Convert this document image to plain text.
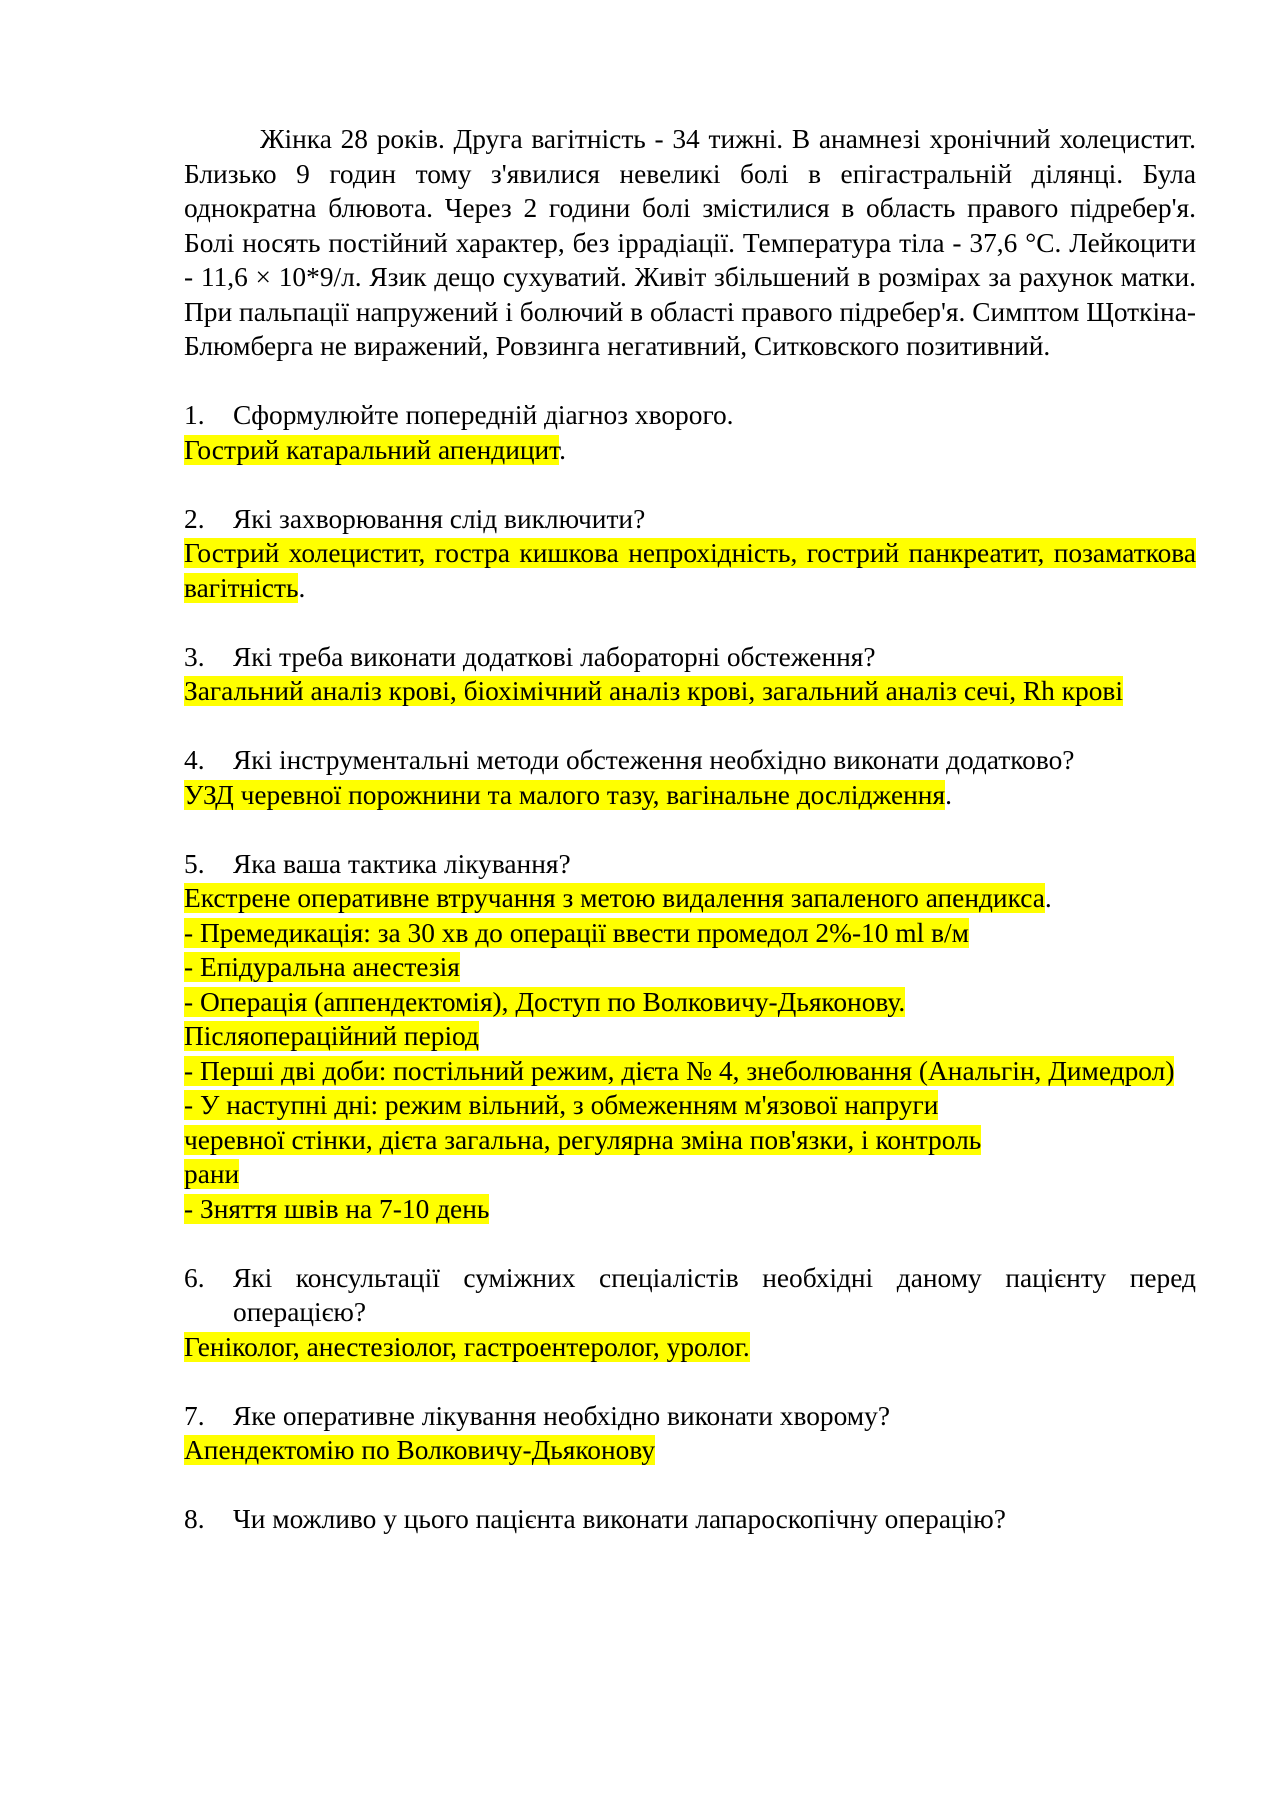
Жінка 28 років. Друга вагітність - 34 тижні. В анамнезі хронічний холецистит. Близько 9 годин тому з'явилися невеликі болі в епігастральній ділянці. Була однократна блювота. Через 2 години болі змістилися в область правого підребер'я. Болі носять постійний характер, без іррадіації. Температура тіла - 37,6 °C. Лейкоцити - 11,6 × 10*9/л. Язик дещо сухуватий. Живіт збільшений в розмірах за рахунок матки. При пальпації напружений і болючий в області правого підребер'я. Симптом Щоткіна-Блюмберга не виражений, Ровзинга негативний, Ситковского позитивний.

1.	Сформулюйте попередній діагноз хворого.

Гострий катаральний апендицит.

2.	Які захворювання слід виключити?

Гострий холецистит, гостра кишкова непрохідність, гострий панкреатит, позаматкова вагітність.

3.	Які треба виконати додаткові лабораторні обстеження?

Загальний аналіз крові, біохімічний аналіз крові, загальний аналіз сечі, Rh крові

4.	Які інструментальні методи обстеження необхідно виконати додатково?

УЗД черевної порожнини та малого тазу, вагінальне дослідження.

5.	Яка ваша тактика лікування?

Екстрене оперативне втручання з метою видалення запаленого апендикса.

- Премедикація: за 30 хв до операції ввести промедол 2%-10 ml в/м

- Епідуральна анестезія

- Операція (аппендектомія), Доступ по Волковичу-Дьяконову.

Післяопераційний період

- Перші дві доби: постільний режим, дієта № 4, знеболювання (Анальгін, Димедрол)

- У наступні дні: режим вільний, з обмеженням м'язової напруги

черевної стінки, дієта загальна, регулярна зміна пов'язки, і контроль

рани

- Зняття швів на 7-10 день

6.	Які консультації суміжних спеціалістів необхідні даному пацієнту перед операцією?

Геніколог, анестезіолог, гастроентеролог, уролог.

7.	Яке оперативне лікування необхідно виконати хворому?

Апендектомію по Волковичу-Дьяконову

8.	Чи можливо у цього пацієнта виконати лапароскопічну операцію?
